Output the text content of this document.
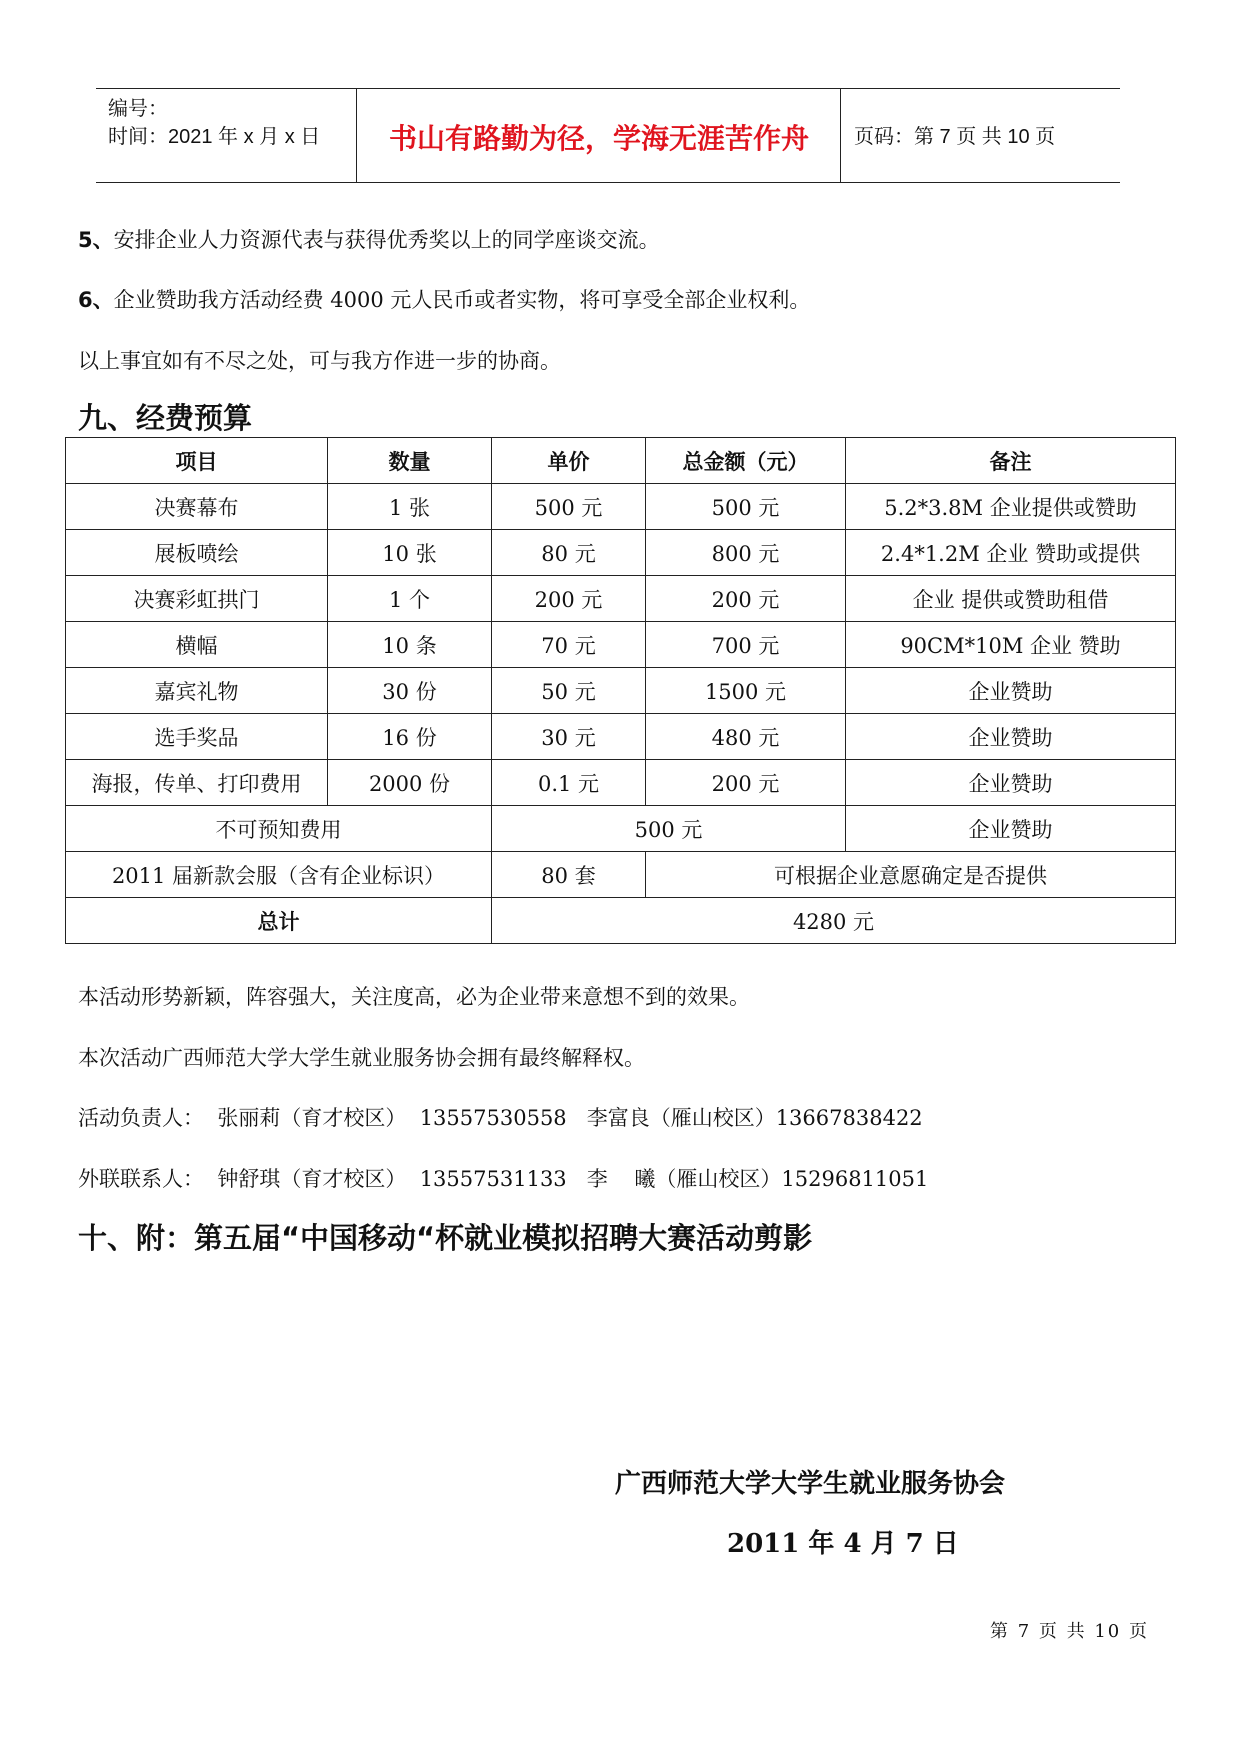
编号：
时间：2021 年 x 月 x 日	书山有路勤为径，学海无涯苦作舟	页码：第 7 页 共 10 页
5、安排企业人力资源代表与获得优秀奖以上的同学座谈交流。
6、企业赞助我方活动经费 4000 元人民币或者实物，将可享受全部企业权利。
以上事宜如有不尽之处，可与我方作进一步的协商。
九、经费预算
项目	数量	单价	总金额（元）	备注
决赛幕布	1 张	500 元	500 元	5.2*3.8M 企业提供或赞助
展板喷绘	10 张	80 元	800 元	2.4*1.2M 企业 赞助或提供
决赛彩虹拱门	1 个	200 元	200 元	企业 提供或赞助租借
横幅	10 条	70 元	700 元	90CM*10M 企业 赞助
嘉宾礼物	30 份	50 元	1500 元	企业赞助
选手奖品	16 份	30 元	480 元	企业赞助
海报，传单、打印费用	2000 份	0.1 元	200 元	企业赞助
不可预知费用		500 元		企业赞助
2011 届新款会服（含有企业标识）		80 套	可根据企业意愿确定是否提供	
总计		4280 元		
本活动形势新颖，阵容强大，关注度高，必为企业带来意想不到的效果。
本次活动广西师范大学大学生就业服务协会拥有最终解释权。
活动负责人：  张丽莉（育才校区）  13557530558   李富良（雁山校区）13667838422
外联联系人：  钟舒琪（育才校区）  13557531133   李    曦（雁山校区）15296811051
十、附：第五届“中国移动“杯就业模拟招聘大赛活动剪影
广西师范大学大学生就业服务协会
2011 年 4 月 7 日
第 7 页 共 10 页
